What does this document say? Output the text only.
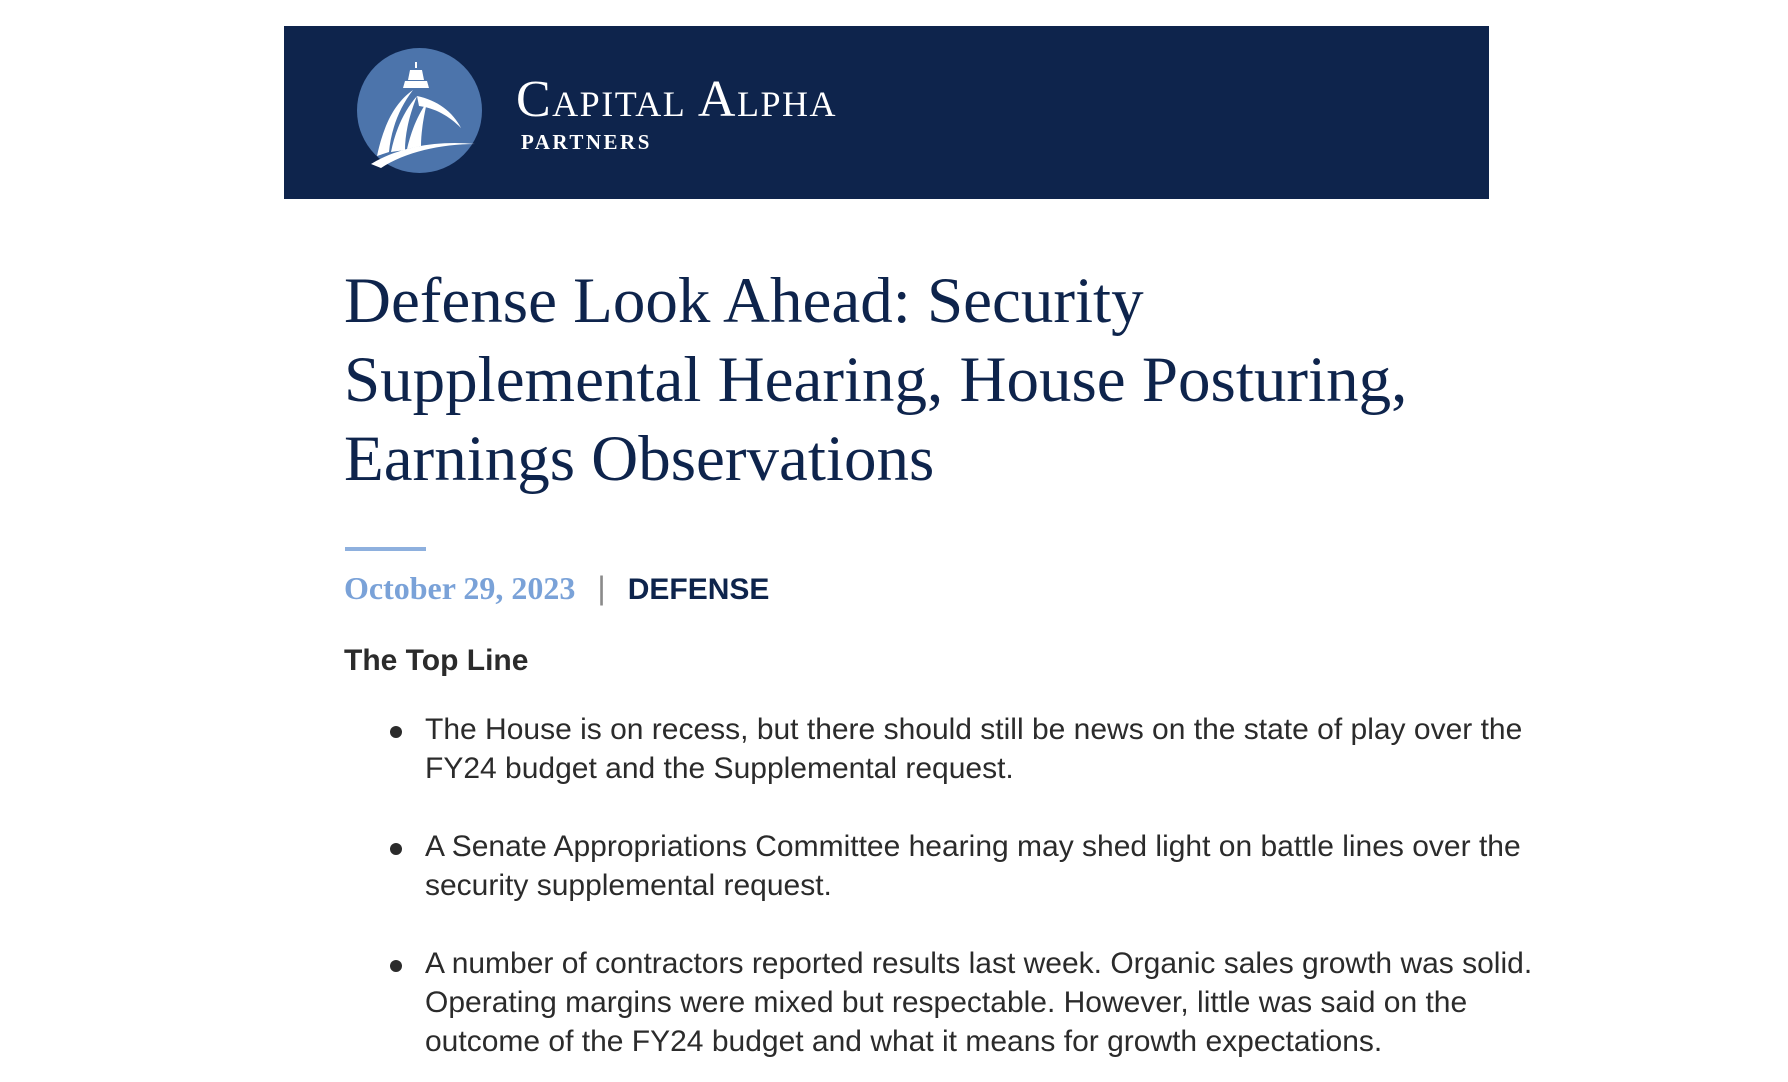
Capital Alpha
PARTNERS
Defense Look Ahead: Security Supplemental Hearing, House Posturing, Earnings Observations
October 29, 2023 | DEFENSE
The Top Line
The House is on recess, but there should still be news on the state of play over the FY24 budget and the Supplemental request.
A Senate Appropriations Committee hearing may shed light on battle lines over the security supplemental request.
A number of contractors reported results last week. Organic sales growth was solid. Operating margins were mixed but respectable. However, little was said on the outcome of the FY24 budget and what it means for growth expectations.
